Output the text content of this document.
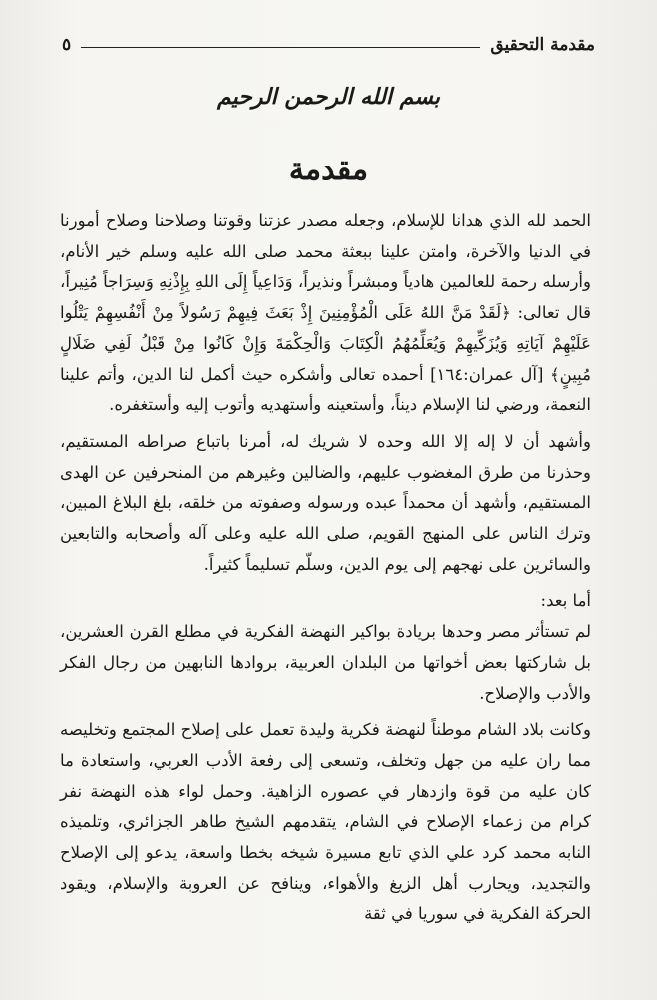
مقدمة التحقيق
٥
بسم الله الرحمن الرحيم
مقدمة

الحمد لله الذي هدانا للإسلام، وجعله مصدر عزتنا وقوتنا وصلاحنا وصلاح أمورنا في الدنيا والآخرة، وامتن علينا ببعثة محمد صلى الله عليه وسلم خير الأنام، وأرسله رحمة للعالمين هادياً ومبشراً ونذيراً، وَدَاعِياً إِلَى اللهِ بِإِذْنِهِ وَسِرَاجاً مُنِيراً، قال تعالى: ﴿لَقَدْ مَنَّ اللهُ عَلَى الْمُؤْمِنِينَ إِذْ بَعَثَ فِيهِمْ رَسُولاً مِنْ أَنْفُسِهِمْ يَتْلُوا عَلَيْهِمْ آيَاتِهِ وَيُزَكِّيهِمْ وَيُعَلِّمُهُمُ الْكِتَابَ وَالْحِكْمَةَ وَإِنْ كَانُوا مِنْ قَبْلُ لَفِي ضَلَالٍ مُبِينٍ﴾ [آل عمران:١٦٤] أحمده تعالى وأشكره حيث أكمل لنا الدين، وأتم علينا النعمة، ورضي لنا الإسلام ديناً، وأستعينه وأستهديه وأتوب إليه وأستغفره.

وأشهد أن لا إله إلا الله وحده لا شريك له، أمرنا باتباع صراطه المستقيم، وحذرنا من طرق المغضوب عليهم، والضالين وغيرهم من المنحرفين عن الهدى المستقيم، وأشهد أن محمداً عبده ورسوله وصفوته من خلقه، بلغ البلاغ المبين، وترك الناس على المنهج القويم، صلى الله عليه وعلى آله وأصحابه والتابعين والسائرين على نهجهم إلى يوم الدين، وسلّم تسليماً كثيراً.

أما بعد:

لم تستأثر مصر وحدها بريادة بواكير النهضة الفكرية في مطلع القرن العشرين، بل شاركتها بعض أخواتها من البلدان العربية، بروادها النابهين من رجال الفكر والأدب والإصلاح.

وكانت بلاد الشام موطناً لنهضة فكرية وليدة تعمل على إصلاح المجتمع وتخليصه مما ران عليه من جهل وتخلف، وتسعى إلى رفعة الأدب العربي، واستعادة ما كان عليه من قوة وازدهار في عصوره الزاهية. وحمل لواء هذه النهضة نفر كرام من زعماء الإصلاح في الشام، يتقدمهم الشيخ طاهر الجزائري، وتلميذه النابه محمد كرد علي الذي تابع مسيرة شيخه بخطا واسعة، يدعو إلى الإصلاح والتجديد، ويحارب أهل الزيغ والأهواء، وينافح عن العروبة والإسلام، ويقود الحركة الفكرية في سوريا في ثقة
